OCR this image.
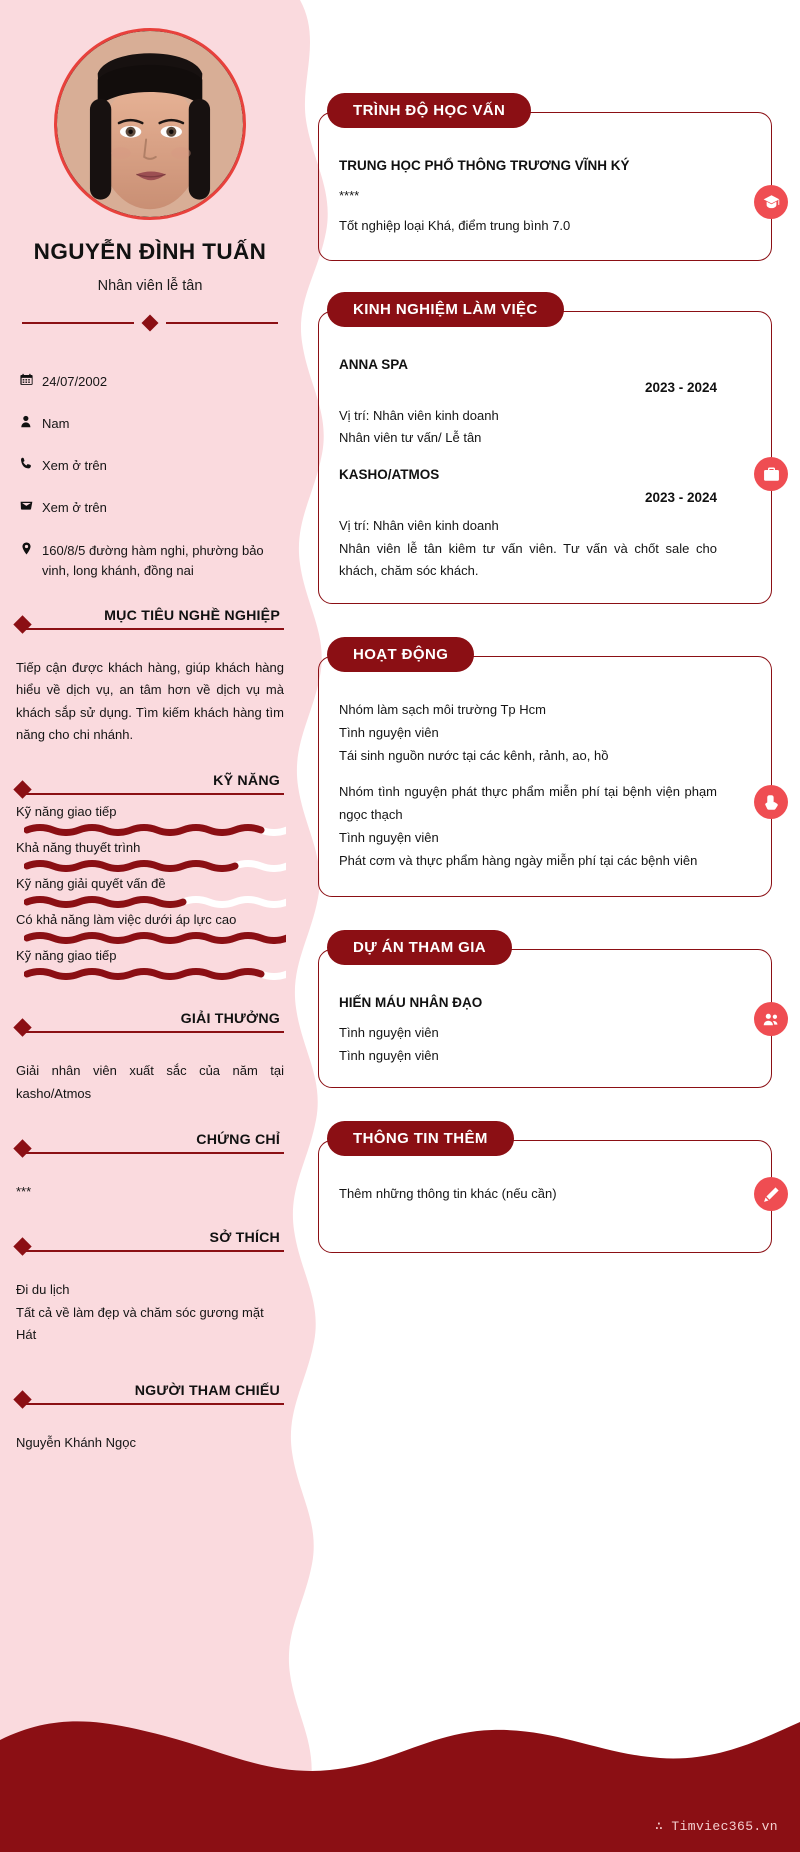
NGUYỄN ĐÌNH TUẤN
Nhân viên lễ tân
24/07/2002
Nam
Xem ở trên
Xem ở trên
160/8/5 đường hàm nghi, phường bảo vinh, long khánh, đồng nai
MỤC TIÊU NGHỀ NGHIỆP
Tiếp cận được khách hàng, giúp khách hàng hiểu về dịch vụ, an tâm hơn về dịch vụ mà khách sắp sử dụng. Tìm kiếm khách hàng tìm năng cho chi nhánh.
KỸ NĂNG
Kỹ năng giao tiếp
Khả năng thuyết trình
Kỹ năng giải quyết vấn đề
Có khả năng làm việc dưới áp lực cao
Kỹ năng giao tiếp
GIẢI THƯỞNG
Giải nhân viên xuất sắc của năm tại kasho/Atmos
CHỨNG CHỈ
***
SỞ THÍCH
Đi du lịch
Tất cả về làm đẹp và chăm sóc gương mặt
Hát
NGƯỜI THAM CHIẾU
Nguyễn Khánh Ngọc
TRÌNH ĐỘ HỌC VẤN
TRUNG HỌC PHỔ THÔNG TRƯƠNG VĨNH KÝ
****
Tốt nghiệp loại Khá, điểm trung bình 7.0
KINH NGHIỆM LÀM VIỆC
ANNA SPA
2023 - 2024
Vị trí: Nhân viên kinh doanh
Nhân viên tư vấn/ Lễ tân
KASHO/ATMOS
2023 - 2024
Vị trí: Nhân viên kinh doanh
Nhân viên lễ tân kiêm tư vấn viên. Tư vấn và chốt sale cho khách, chăm sóc khách.
HOẠT ĐỘNG
Nhóm làm sạch môi trường Tp Hcm
Tình nguyện viên
Tái sinh nguồn nước tại các kênh, rảnh, ao, hồ
Nhóm tình nguyện phát thực phẩm miễn phí tại bệnh viện phạm ngọc thạch
Tình nguyện viên
Phát cơm và thực phẩm hàng ngày miễn phí tại các bệnh viên
DỰ ÁN THAM GIA
HIẾN MÁU NHÂN ĐẠO
Tình nguyện viên
Tình nguyện viên
THÔNG TIN THÊM
Thêm những thông tin khác (nếu cần)
∴ Timviec365.vn
